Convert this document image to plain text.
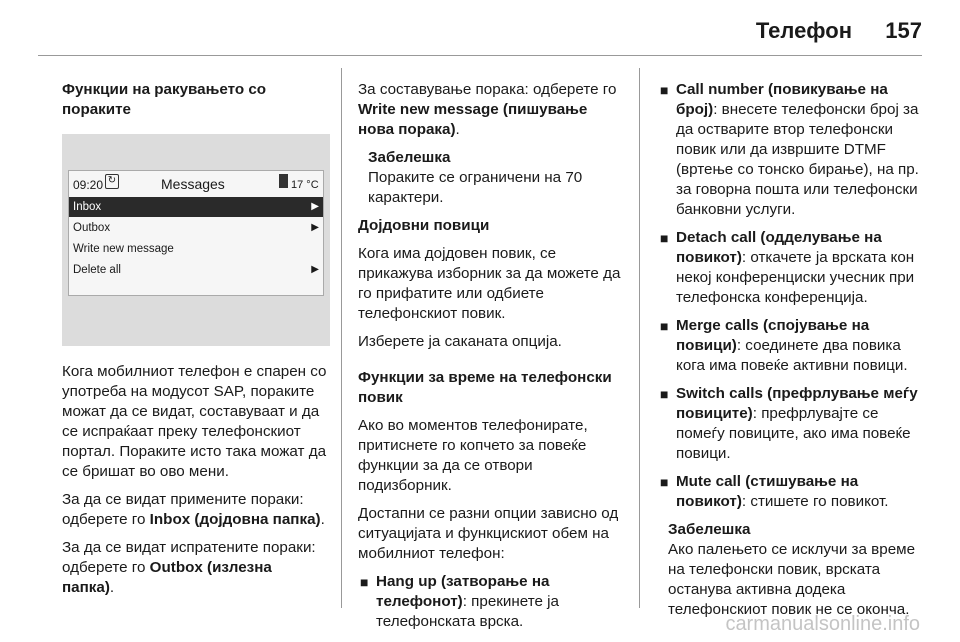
Телефон 157

Функции на ракувањето со пораките

09:20 ↻	Messages	17 °C
Inbox	▶
Outbox	▶
Write new message
Delete all	▶

Кога мобилниот телефон е спарен со употреба на модусот SAP, пораките можат да се видат, составуваат и да се испраќаат преку телефонскиот портал. Пораките исто така можат да се бришат во ово мени.

За да се видат примените пораки: одберете го Inbox (дојдовна папка).

За да се видат испратените пораки: одберете го Outbox (излезна папка).

За составување порака: одберете го Write new message (пишување нова порака).

Забелешка
Пораките се ограничени на 70 карактери.

Дојдовни повици

Кога има дојдовен повик, се прикажува изборник за да можете да го прифатите или одбиете телефонскиот повик.

Изберете ја саканата опција.

Функции за време на телефонски повик

Ако во моментов телефонирате, притиснете го копчето за повеќе функции за да се отвори подизборник.

Достапни се разни опции зависно од ситуацијата и функцискиот обем на мобилниот телефон:

■ Hang up (затворање на телефонот): прекинете ја телефонската врска.
■ Call number (повикување на број): внесете телефонски број за да остварите втор телефонски повик или да извршите DTMF (вртење со тонско бирање), на пр. за говорна пошта или телефонски банковни услуги.
■ Detach call (одделување на повикот): откачете ја врската кон некој конференциски учесник при телефонска конференција.
■ Merge calls (спојување на повици): соединете два повика кога има повеќе активни повици.
■ Switch calls (префрлување меѓу повиците): префрлувајте се помеѓу повиците, ако има повеќе повици.
■ Mute call (стишување на повикот): стишете го повикот.
Забелешка
Ако палењето се исклучи за време на телефонски повик, врската останува активна додека телефонскиот повик не се оконча.
carmanualsonline.info
